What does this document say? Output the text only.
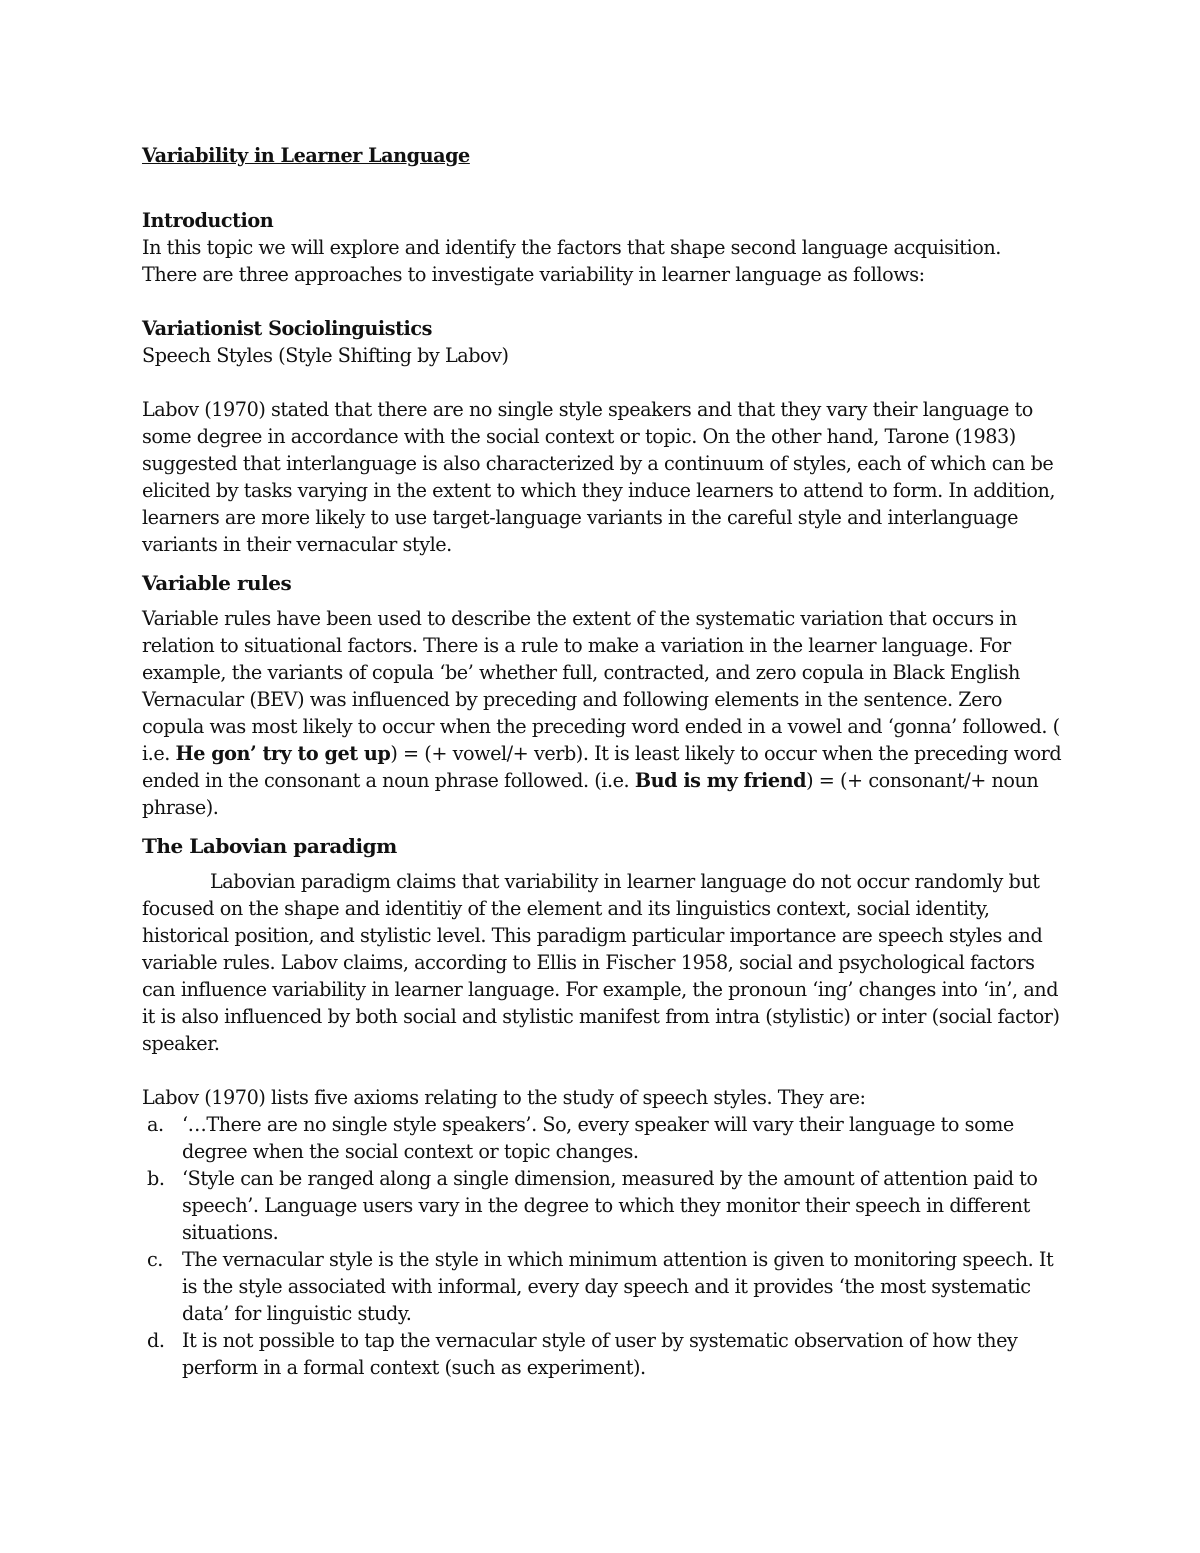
Variability in Learner Language
Introduction

In this topic we will explore and identify the factors that shape second language acquisition.

There are three approaches to investigate variability in learner language as follows:

Variationist Sociolinguistics

Speech Styles (Style Shifting by Labov)

Labov (1970) stated that there are no single style speakers and that they vary their language to some degree in accordance with the social context or topic. On the other hand, Tarone (1983) suggested that interlanguage is also characterized by a continuum of styles, each of which can be elicited by tasks varying in the extent to which they induce learners to attend to form. In addition, learners are more likely to use target-language variants in the careful style and interlanguage variants in their vernacular style.

Variable rules

Variable rules have been used to describe the extent of the systematic variation that occurs in relation to situational factors. There is a rule to make a variation in the learner language. For example, the variants of copula ‘be’ whether full, contracted, and zero copula in Black English Vernacular (BEV) was influenced by preceding and following elements in the sentence. Zero copula was most likely to occur when the preceding word ended in a vowel and ‘gonna’ followed. ( i.e. He gon’ try to get up) = (+ vowel/+ verb). It is least likely to occur when the preceding word ended in the consonant a noun phrase followed. (i.e. Bud is my friend) = (+ consonant/+ noun phrase).

The Labovian paradigm

Labovian paradigm claims that variability in learner language do not occur randomly but focused on the shape and identitiy of the element and its linguistics context, social identity, historical position, and stylistic level. This paradigm particular importance are speech styles and variable rules. Labov claims, according to Ellis in Fischer 1958, social and psychological factors can influence variability in learner language. For example, the pronoun ‘ing’ changes into ‘in’, and it is also influenced by both social and stylistic manifest from intra (stylistic) or inter (social factor) speaker.

Labov (1970) lists five axioms relating to the study of speech styles. They are:

a. ‘…There are no single style speakers’. So, every speaker will vary their language to some degree when the social context or topic changes.
b. ‘Style can be ranged along a single dimension, measured by the amount of attention paid to speech’. Language users vary in the degree to which they monitor their speech in different situations.
c. The vernacular style is the style in which minimum attention is given to monitoring speech. It is the style associated with informal, every day speech and it provides ‘the most systematic data’ for linguistic study.
d. It is not possible to tap the vernacular style of user by systematic observation of how they perform in a formal context (such as experiment).
